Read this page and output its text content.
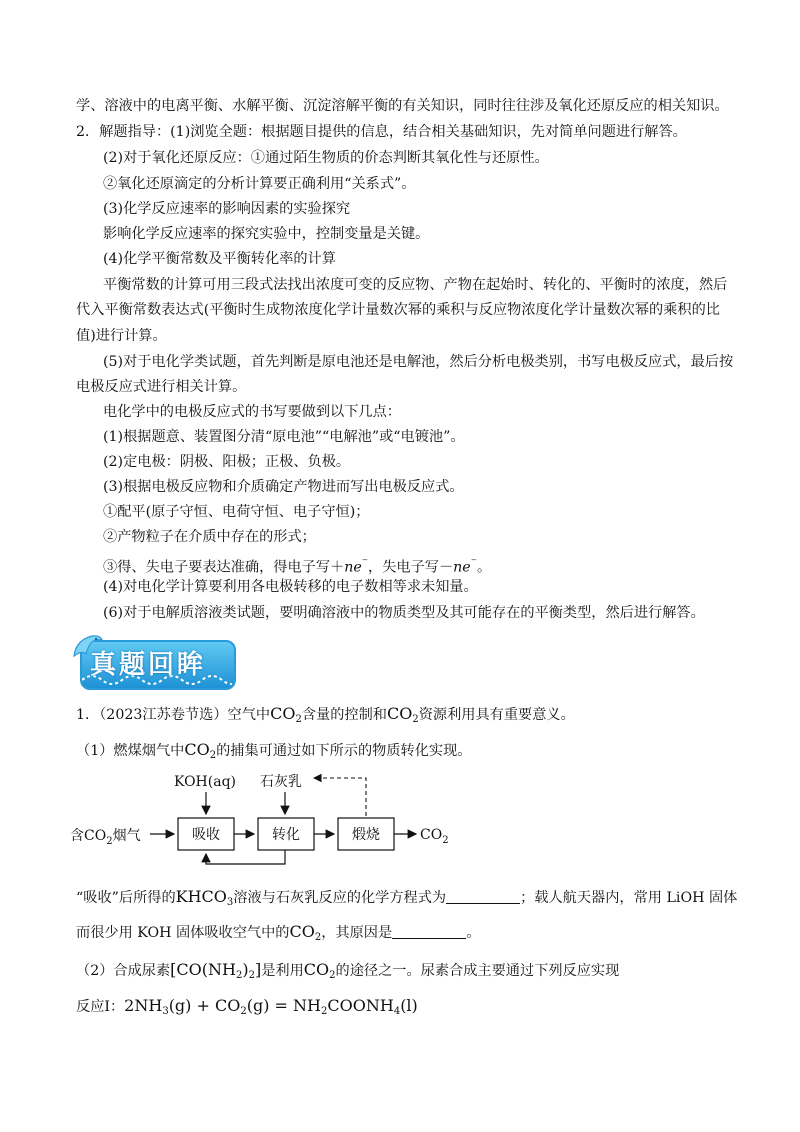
学、溶液中的电离平衡、水解平衡、沉淀溶解平衡的有关知识，同时往往涉及氧化还原反应的相关知识。
2．解题指导：(1)浏览全题：根据题目提供的信息，结合相关基础知识，先对简单问题进行解答。
(2)对于氧化还原反应：①通过陌生物质的价态判断其氧化性与还原性。
②氧化还原滴定的分析计算要正确利用“关系式”。
(3)化学反应速率的影响因素的实验探究
影响化学反应速率的探究实验中，控制变量是关键。
(4)化学平衡常数及平衡转化率的计算
平衡常数的计算可用三段式法找出浓度可变的反应物、产物在起始时、转化的、平衡时的浓度，然后
代入平衡常数表达式(平衡时生成物浓度化学计量数次幂的乘积与反应物浓度化学计量数次幂的乘积的比
值)进行计算。
(5)对于电化学类试题，首先判断是原电池还是电解池，然后分析电极类别，书写电极反应式，最后按
电极反应式进行相关计算。
电化学中的电极反应式的书写要做到以下几点：
(1)根据题意、装置图分清“原电池”“电解池”或“电镀池”。
(2)定电极：阴极、阳极；正极、负极。
(3)根据电极反应物和介质确定产物进而写出电极反应式。
①配平(原子守恒、电荷守恒、电子守恒)；
②产物粒子在介质中存在的形式；
③得、失电子要表达准确，得电子写＋ne⁻，失电子写－ne⁻。
(4)对电化学计算要利用各电极转移的电子数相等求未知量。
(6)对于电解质溶液类试题，要明确溶液中的物质类型及其可能存在的平衡类型，然后进行解答。
真题回眸
1．（2023江苏卷节选）空气中$CO_2$含量的控制和$CO_2$资源利用具有重要意义。
（1）燃煤烟气中$CO_2$的捕集可通过如下所示的物质转化实现。
KOH(aq) 石灰乳
含$CO_2$烟气	吸收	转化	煅烧	$CO_2$
“吸收”后所得的$KHCO_3$溶液与石灰乳反应的化学方程式为	；载人航天器内，常用 LiOH 固体
而很少用 KOH 固体吸收空气中的$CO_2$，其原因是	。
（2）合成尿素$[CO(NH_2)_2]$是利用$CO_2$的途径之一。尿素合成主要通过下列反应实现
反应Ⅰ：$2NH_3(g) + CO_2(g)$ = $NH_2COONH_4(l)$
